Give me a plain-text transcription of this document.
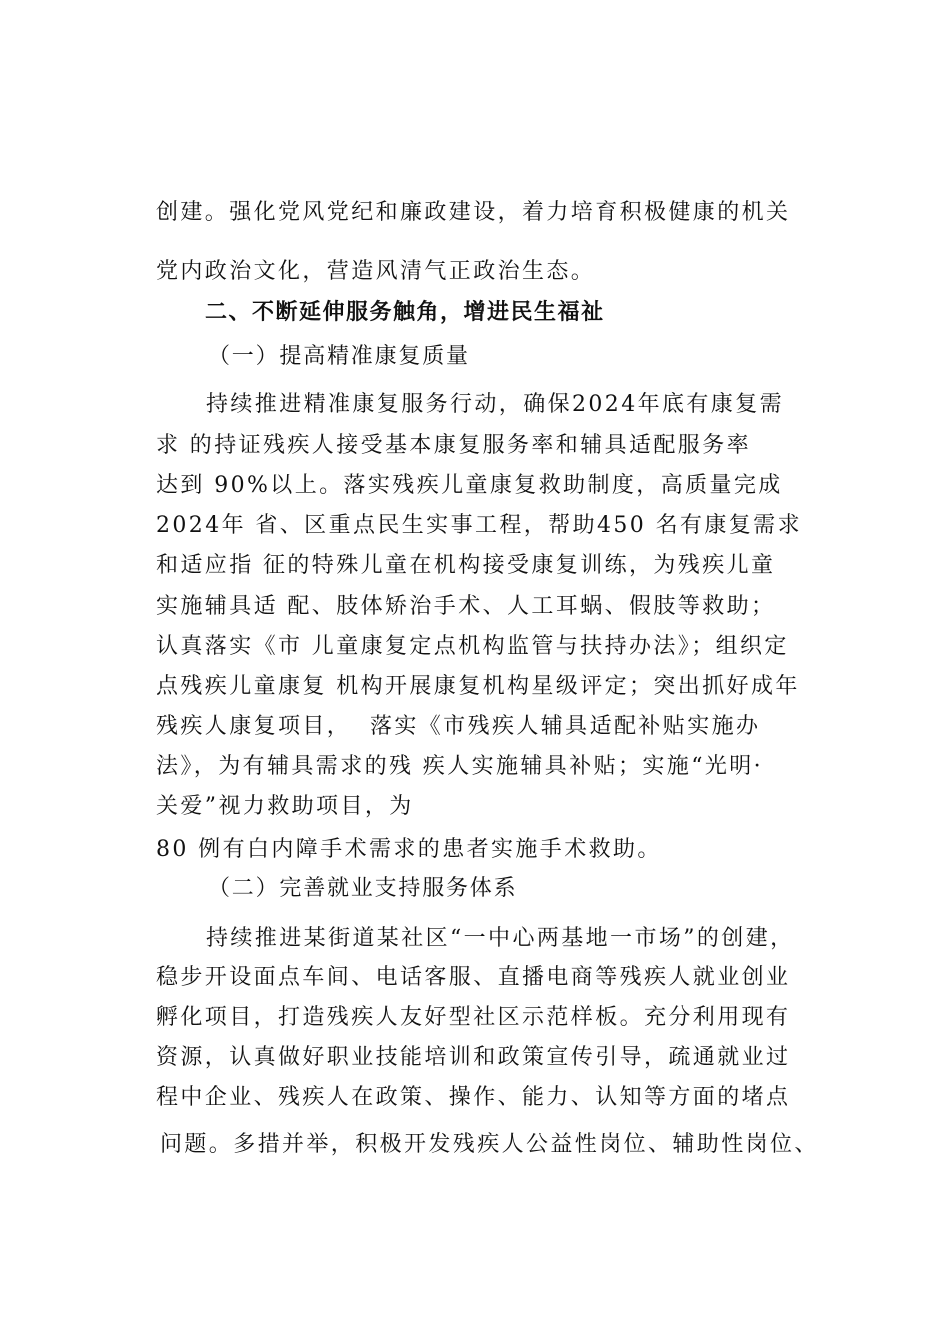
创建。强化党风党纪和廉政建设，着力培育积极健康的机关
党内政治文化，营造风清气正政治生态。
二、不断延伸服务触角，增进民生福祉
（一）提高精准康复质量
持续推进精准康复服务行动，确保2024年底有康复需
求 的持证残疾人接受基本康复服务率和辅具适配服务率
达到 90%以上。落实残疾儿童康复救助制度，高质量完成
2024年 省、区重点民生实事工程，帮助450 名有康复需求
和适应指 征的特殊儿童在机构接受康复训练，为残疾儿童
实施辅具适 配、肢体矫治手术、人工耳蜗、假肢等救助；
认真落实《市 儿童康复定点机构监管与扶持办法》；组织定
点残疾儿童康复 机构开展康复机构星级评定；突出抓好成年
残疾人康复项目，  落实《市残疾人辅具适配补贴实施办
法》，为有辅具需求的残 疾人实施辅具补贴；实施“光明·
关爱”视力救助项目，为
80 例有白内障手术需求的患者实施手术救助。
（二）完善就业支持服务体系
持续推进某街道某社区“一中心两基地一市场”的创建，
稳步开设面点车间、电话客服、直播电商等残疾人就业创业
孵化项目，打造残疾人友好型社区示范样板。充分利用现有
资源，认真做好职业技能培训和政策宣传引导，疏通就业过
程中企业、残疾人在政策、操作、能力、认知等方面的堵点
问题。多措并举，积极开发残疾人公益性岗位、辅助性岗位、
